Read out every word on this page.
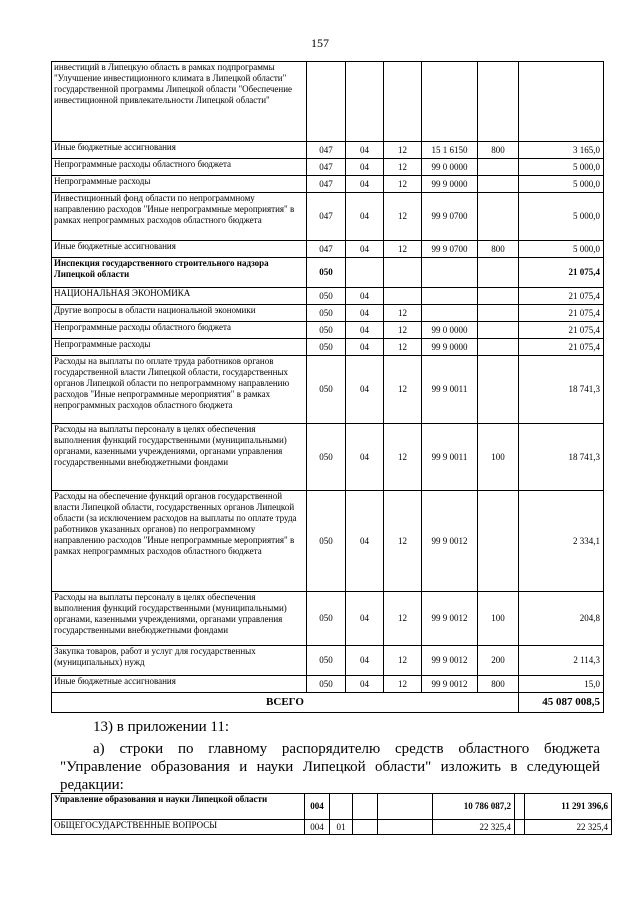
157
инвестиций в Липецкую область в рамках подпрограммы "Улучшение инвестиционного климата в Липецкой области" государственной программы Липецкой области "Обеспечение инвестиционной привлекательности Липецкой области"						
Иные бюджетные ассигнования	047	04	12	15 1 6150	800	3 165,0
Непрограммные расходы областного бюджета	047	04	12	99 0 0000		5 000,0
Непрограммные расходы	047	04	12	99 9 0000		5 000,0
Инвестиционный фонд области по непрограммному направлению расходов "Иные непрограммные мероприятия" в рамках непрограммных расходов областного бюджета	047	04	12	99 9 0700		5 000,0
Иные бюджетные ассигнования	047	04	12	99 9 0700	800	5 000,0
Инспекция государственного строительного надзора Липецкой области	050					21 075,4
НАЦИОНАЛЬНАЯ ЭКОНОМИКА	050	04				21 075,4
Другие вопросы в области национальной экономики	050	04	12			21 075,4
Непрограммные расходы областного бюджета	050	04	12	99 0 0000		21 075,4
Непрограммные расходы	050	04	12	99 9 0000		21 075,4
Расходы на выплаты по оплате труда работников органов государственной власти Липецкой области, государственных органов Липецкой области по непрограммному направлению расходов "Иные непрограммные мероприятия" в рамках непрограммных расходов областного бюджета	050	04	12	99 9 0011		18 741,3
Расходы на выплаты персоналу в целях обеспечения выполнения функций государственными (муниципальными) органами, казенными учреждениями, органами управления государственными внебюджетными фондами	050	04	12	99 9 0011	100	18 741,3
Расходы на обеспечение функций органов государственной власти Липецкой области, государственных органов Липецкой области (за исключением расходов на выплаты по оплате труда работников указанных органов) по непрограммному направлению расходов "Иные непрограммные мероприятия" в рамках непрограммных расходов областного бюджета	050	04	12	99 9 0012		2 334,1
Расходы на выплаты персоналу в целях обеспечения выполнения функций государственными (муниципальными) органами, казенными учреждениями, органами управления государственными внебюджетными фондами	050	04	12	99 9 0012	100	204,8
Закупка товаров, работ и услуг для государственных (муниципальных) нужд	050	04	12	99 9 0012	200	2 114,3
Иные бюджетные ассигнования	050	04	12	99 9 0012	800	15,0
ВСЕГО						45 087 008,5
13) в приложении 11:
а) строки по главному распорядителю средств областного бюджета "Управление образования и науки Липецкой области" изложить в следующей редакции:
Управление образования и науки Липецкой области	004				10 786 087,2		11 291 396,6
ОБЩЕГОСУДАРСТВЕННЫЕ ВОПРОСЫ	004	01			22 325,4		22 325,4
